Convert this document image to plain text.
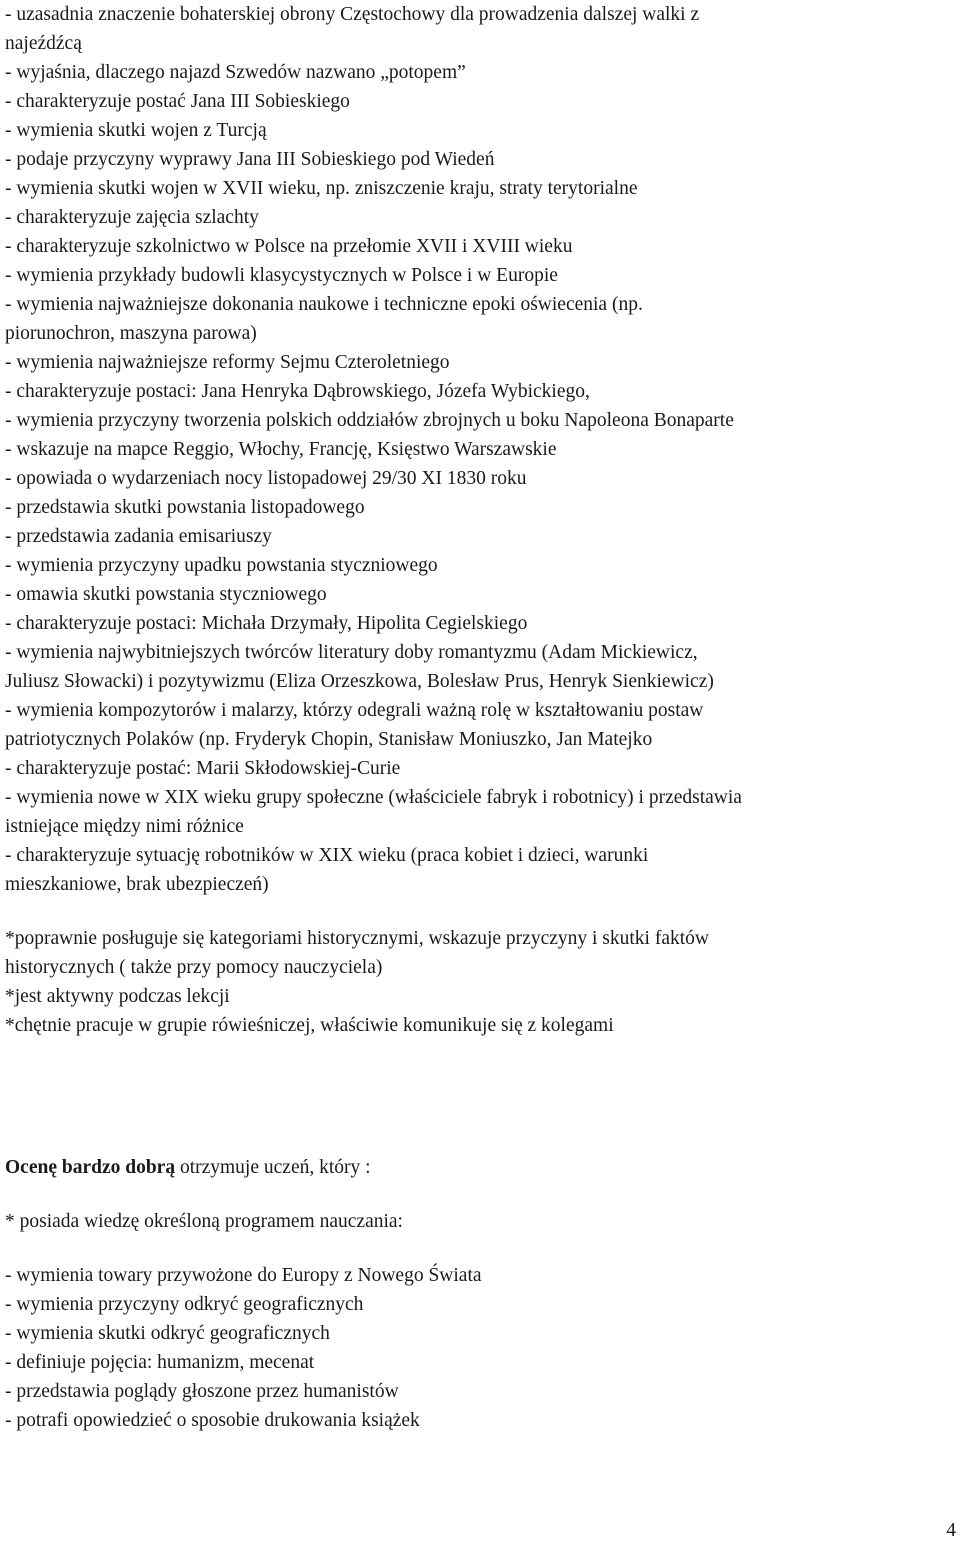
- uzasadnia znaczenie bohaterskiej obrony Częstochowy dla prowadzenia dalszej walki z

najeźdźcą

- wyjaśnia, dlaczego najazd Szwedów nazwano „potopem”

- charakteryzuje postać Jana III Sobieskiego

- wymienia skutki wojen z Turcją

- podaje przyczyny wyprawy Jana III Sobieskiego pod Wiedeń

- wymienia skutki wojen w XVII wieku, np. zniszczenie kraju, straty terytorialne

- charakteryzuje zajęcia szlachty

- charakteryzuje szkolnictwo w Polsce na przełomie XVII i XVIII wieku

- wymienia przykłady budowli klasycystycznych w Polsce i w Europie

- wymienia najważniejsze dokonania naukowe i techniczne epoki oświecenia (np.

piorunochron, maszyna parowa)

- wymienia najważniejsze reformy Sejmu Czteroletniego

- charakteryzuje postaci: Jana Henryka Dąbrowskiego, Józefa Wybickiego,

- wymienia przyczyny tworzenia polskich oddziałów zbrojnych u boku Napoleona Bonaparte

- wskazuje na mapce Reggio, Włochy, Francję, Księstwo Warszawskie

- opowiada o wydarzeniach nocy listopadowej 29/30 XI 1830 roku

- przedstawia skutki powstania listopadowego

- przedstawia zadania emisariuszy

- wymienia przyczyny upadku powstania styczniowego

- omawia skutki powstania styczniowego

- charakteryzuje postaci: Michała Drzymały, Hipolita Cegielskiego

- wymienia najwybitniejszych twórców literatury doby romantyzmu (Adam Mickiewicz,

Juliusz Słowacki) i pozytywizmu (Eliza Orzeszkowa, Bolesław Prus, Henryk Sienkiewicz)

- wymienia kompozytorów i malarzy, którzy odegrali ważną rolę w kształtowaniu postaw

patriotycznych Polaków (np. Fryderyk Chopin, Stanisław Moniuszko, Jan Matejko

- charakteryzuje postać: Marii Skłodowskiej-Curie

- wymienia nowe w XIX wieku grupy społeczne (właściciele fabryk i robotnicy) i przedstawia

istniejące między nimi różnice

- charakteryzuje sytuację robotników w XIX wieku (praca kobiet i dzieci, warunki

mieszkaniowe, brak ubezpieczeń)

*poprawnie posługuje się kategoriami historycznymi, wskazuje przyczyny i skutki faktów

historycznych ( także przy pomocy nauczyciela)

*jest aktywny podczas lekcji

*chętnie pracuje w grupie rówieśniczej, właściwie komunikuje się z kolegami

Ocenę bardzo dobrą otrzymuje uczeń, który :

* posiada wiedzę określoną programem nauczania:

- wymienia towary przywożone do Europy z Nowego Świata

- wymienia przyczyny odkryć geograficznych

- wymienia skutki odkryć geograficznych

- definiuje pojęcia: humanizm, mecenat

- przedstawia poglądy głoszone przez humanistów

- potrafi opowiedzieć o sposobie drukowania książek

4
